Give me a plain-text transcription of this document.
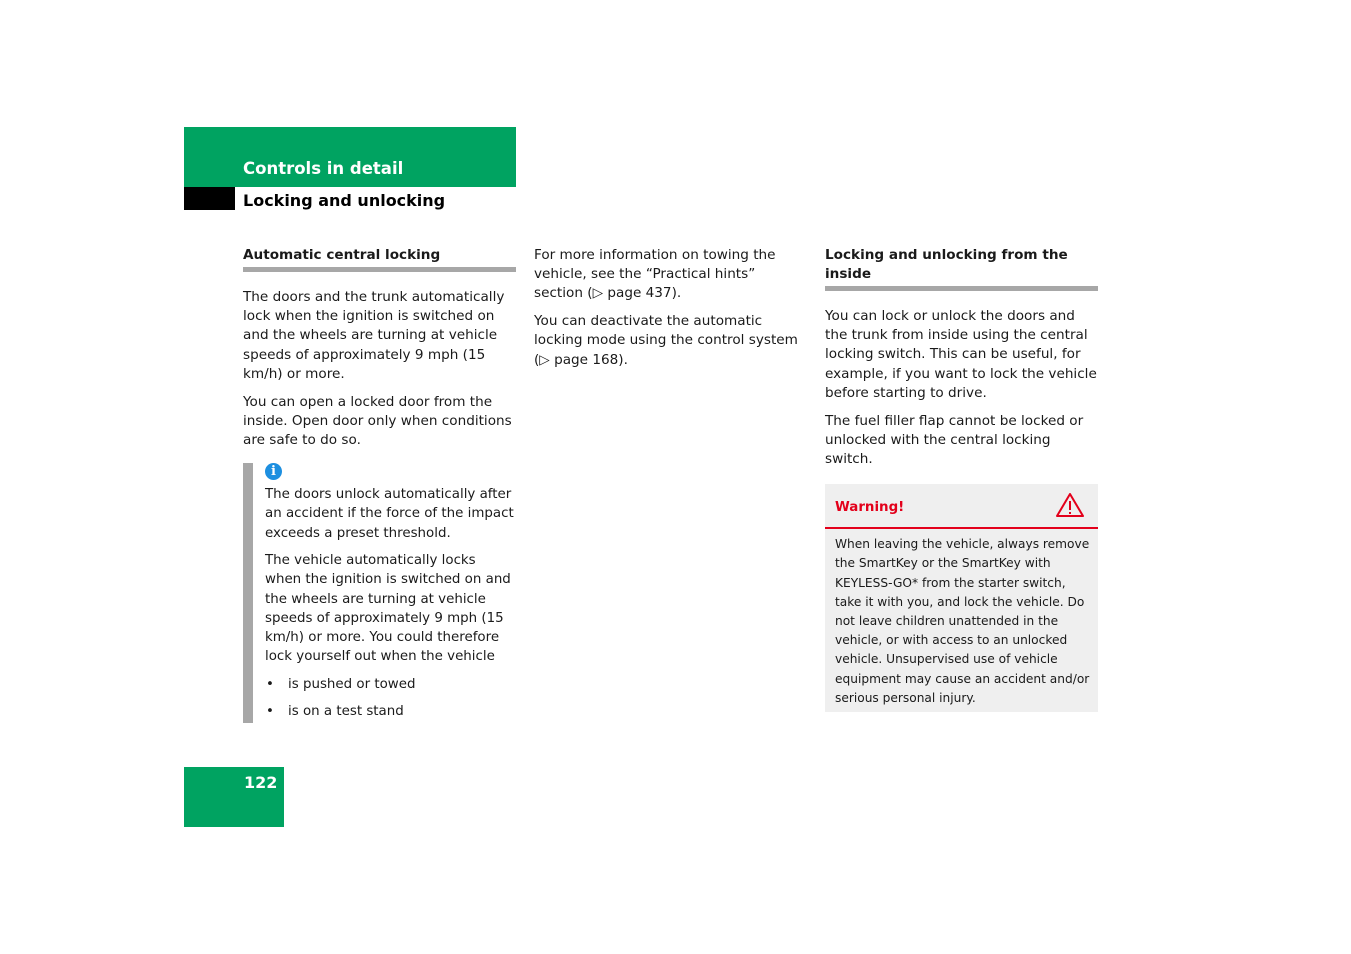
Controls in detail
Locking and unlocking
Automatic central locking

The doors and the trunk automatically lock when the ignition is switched on and the wheels are turning at vehicle speeds of approximately 9 mph (15 km/h) or more.

You can open a locked door from the inside. Open door only when conditions are safe to do so.

i

The doors unlock automatically after an accident if the force of the impact exceeds a preset threshold.

The vehicle automatically locks when the ignition is switched on and the wheels are turning at vehicle speeds of approximately 9 mph (15 km/h) or more. You could therefore lock yourself out when the vehicle

• is pushed or towed
• is on a test stand

For more information on towing the vehicle, see the “Practical hints” section (▷ page 437).

You can deactivate the automatic locking mode using the control system (▷ page 168).

Locking and unlocking from the inside

You can lock or unlock the doors and the trunk from inside using the central locking switch. This can be useful, for example, if you want to lock the vehicle before starting to drive.

The fuel filler flap cannot be locked or unlocked with the central locking switch.

Warning!
When leaving the vehicle, always remove the SmartKey or the SmartKey with KEYLESS-GO* from the starter switch, take it with you, and lock the vehicle. Do not leave children unattended in the vehicle, or with access to an unlocked vehicle. Unsupervised use of vehicle equipment may cause an accident and/or serious personal injury.
122
